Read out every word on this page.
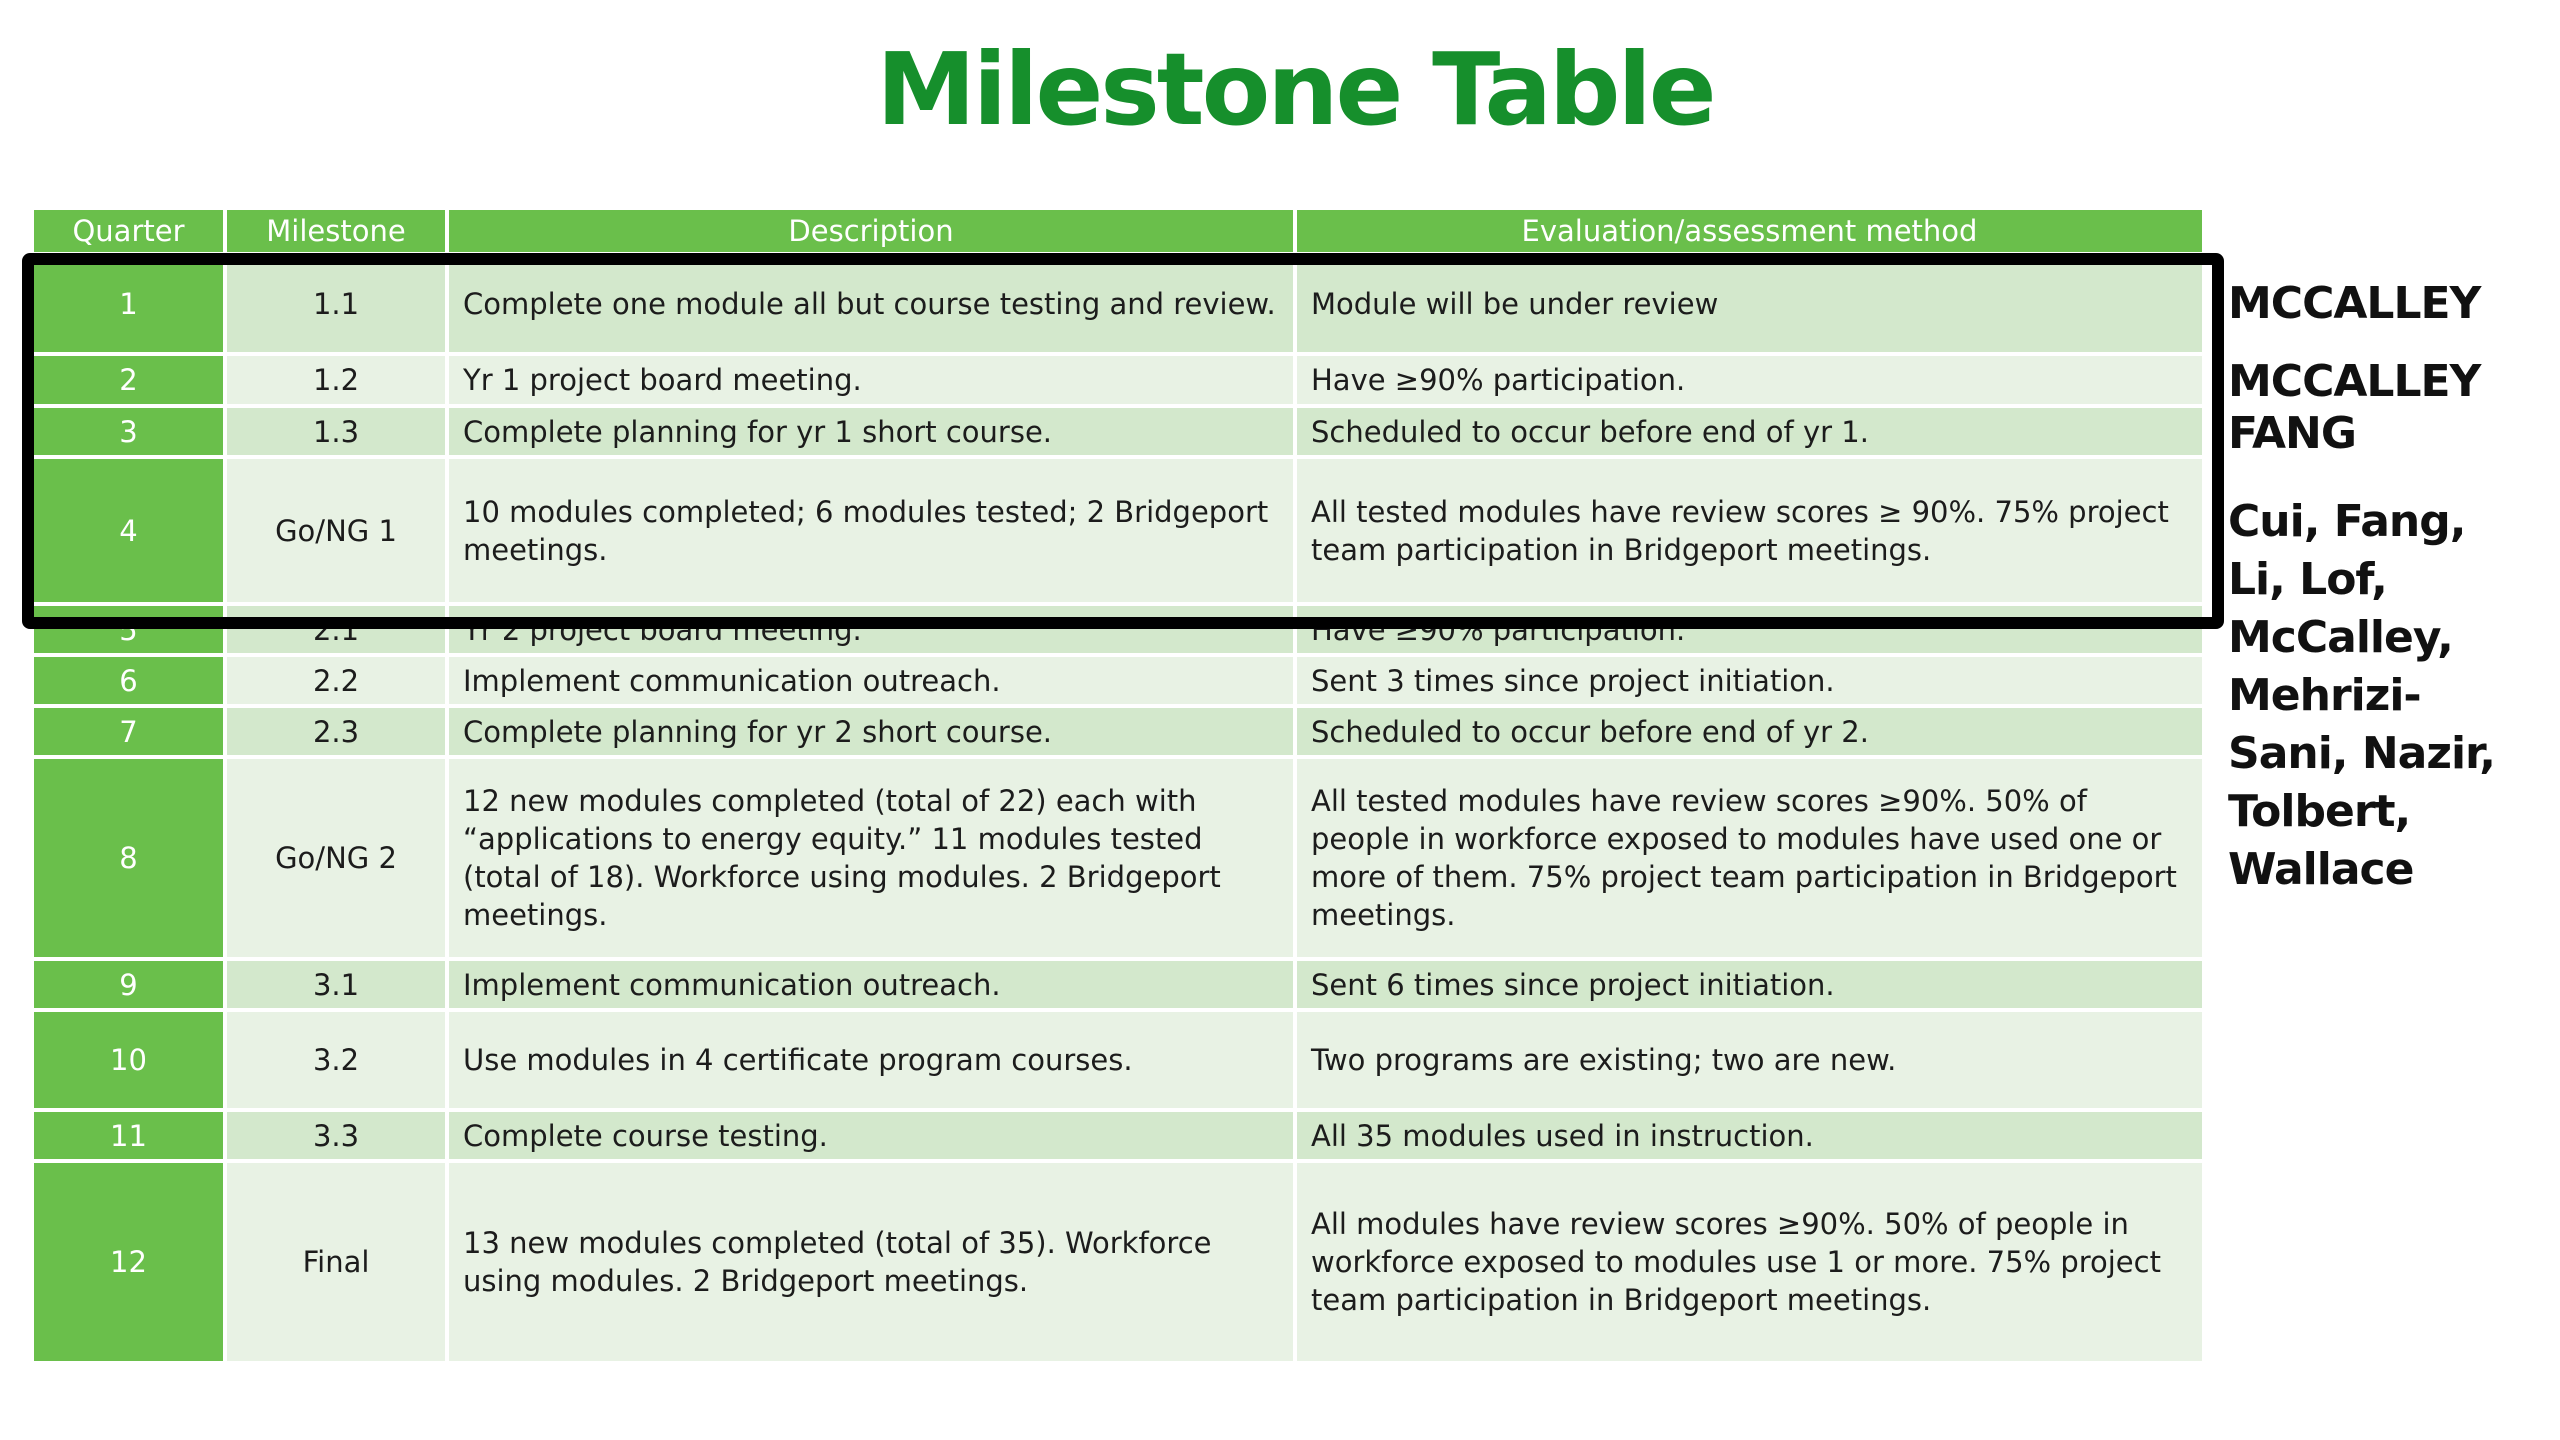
Milestone Table
Quarter	Milestone	Description	Evaluation/assessment method
1	1.1	Complete one module all but course testing and review.	Module will be under review
2	1.2	Yr 1 project board meeting.	Have ≥90% participation.
3	1.3	Complete planning for yr 1 short course.	Scheduled to occur before end of yr 1.
4	Go/NG 1	10 modules completed; 6 modules tested; 2 Bridgeport meetings.	All tested modules have review scores ≥ 90%. 75% project team participation in Bridgeport meetings.
5	2.1	Yr 2 project board meeting.	Have ≥90% participation.
6	2.2	Implement communication outreach.	Sent 3 times since project initiation.
7	2.3	Complete planning for yr 2 short course.	Scheduled to occur before end of yr 2.
8	Go/NG 2	12 new modules completed (total of 22) each with “applications to energy equity.” 11 modules tested (total of 18). Workforce using modules. 2 Bridgeport meetings.	All tested modules have review scores ≥90%. 50% of people in workforce exposed to modules have used one or more of them. 75% project team participation in Bridgeport meetings.
9	3.1	Implement communication outreach.	Sent 6 times since project initiation.
10	3.2	Use modules in 4 certificate program courses.	Two programs are existing; two are new.
11	3.3	Complete course testing.	All 35 modules used in instruction.
12	Final	13 new modules completed (total of 35). Workforce using modules. 2 Bridgeport meetings.	All modules have review scores ≥90%. 50% of people in workforce exposed to modules use 1 or more. 75% project team participation in Bridgeport meetings.
MCCALLEY
MCCALLEY
FANG
Cui, Fang, Li, Lof, McCalley, Mehrizi-Sani, Nazir, Tolbert, Wallace
